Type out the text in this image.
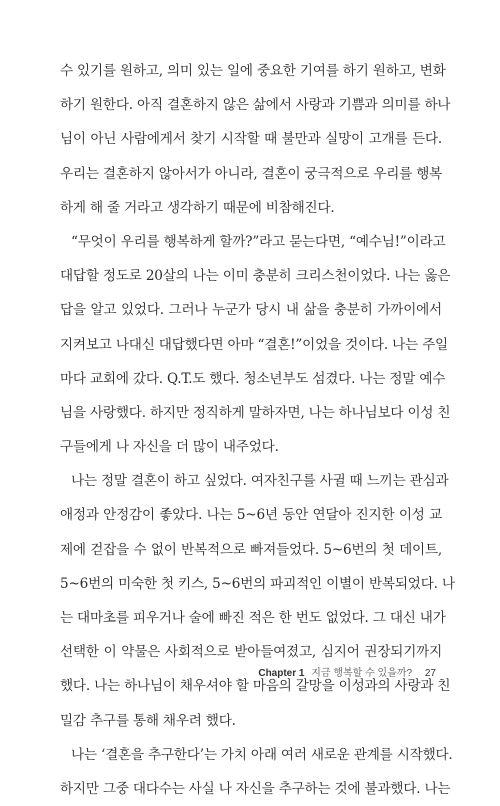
수 있기를 원하고, 의미 있는 일에 중요한 기여를 하기 원하고, 변화
하기 원한다. 아직 결혼하지 않은 삶에서 사랑과 기쁨과 의미를 하나
님이 아닌 사람에게서 찾기 시작할 때 불만과 실망이 고개를 든다.
우리는 결혼하지 않아서가 아니라, 결혼이 궁극적으로 우리를 행복
하게 해 줄 거라고 생각하기 때문에 비참해진다.
“무엇이 우리를 행복하게 할까?”라고 묻는다면, “예수님!”이라고
대답할 정도로 20살의 나는 이미 충분히 크리스천이었다. 나는 옳은
답을 알고 있었다. 그러나 누군가 당시 내 삶을 충분히 가까이에서
지켜보고 나대신 대답했다면 아마 “결혼!”이었을 것이다. 나는 주일
마다 교회에 갔다. Q.T.도 했다. 청소년부도 섬겼다. 나는 정말 예수
님을 사랑했다. 하지만 정직하게 말하자면, 나는 하나님보다 이성 친
구들에게 나 자신을 더 많이 내주었다.
나는 정말 결혼이 하고 싶었다. 여자친구를 사귈 때 느끼는 관심과
애정과 안정감이 좋았다. 나는 5~6년 동안 연달아 진지한 이성 교
제에 걷잡을 수 없이 반복적으로 빠져들었다. 5~6번의 첫 데이트,
5~6번의 미숙한 첫 키스, 5~6번의 파괴적인 이별이 반복되었다. 나
는 대마초를 피우거나 술에 빠진 적은 한 번도 없었다. 그 대신 내가
선택한 이 약물은 사회적으로 받아들여졌고, 심지어 권장되기까지
했다. 나는 하나님이 채우셔야 할 마음의 갈망을 이성과의 사랑과 친
밀감 추구를 통해 채우려 했다.
나는 ‘결혼을 추구한다’는 가치 아래 여러 새로운 관계를 시작했다.
하지만 그중 대다수는 사실 나 자신을 추구하는 것에 불과했다. 나는
Chapter 1 지금 행복할 수 있을까? 27
